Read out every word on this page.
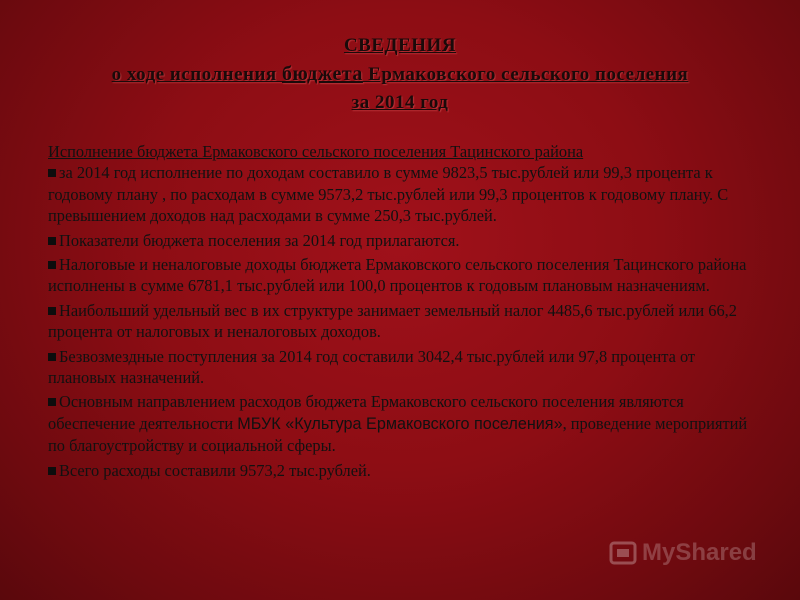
СВЕДЕНИЯ
о ходе исполнения бюджета Ермаковского сельского поселения
за 2014 год
Исполнение бюджета Ермаковского сельского поселения Тацинского района
за 2014 год исполнение по доходам составило в сумме 9823,5 тыс.рублей или 99,3 процента к годовому плану , по расходам в сумме 9573,2 тыс.рублей или 99,3 процентов к годовому плану. С превышением доходов над расходами в сумме 250,3 тыс.рублей.
Показатели бюджета поселения за 2014 год прилагаются.
Налоговые и неналоговые доходы бюджета Ермаковского сельского поселения Тацинского района исполнены в сумме 6781,1 тыс.рублей или 100,0 процентов к годовым плановым назначениям.
Наибольший удельный вес в их структуре занимает земельный налог 4485,6 тыс.рублей или 66,2 процента от налоговых и неналоговых доходов.
Безвозмездные поступления за 2014 год составили 3042,4 тыс.рублей или 97,8 процента от плановых назначений.
Основным направлением расходов бюджета Ермаковского сельского поселения являются обеспечение деятельности МБУК «Культура Ермаковского поселения», проведение мероприятий по благоустройству и социальной сферы.
Всего расходы составили 9573,2 тыс.рублей.
MyShared
